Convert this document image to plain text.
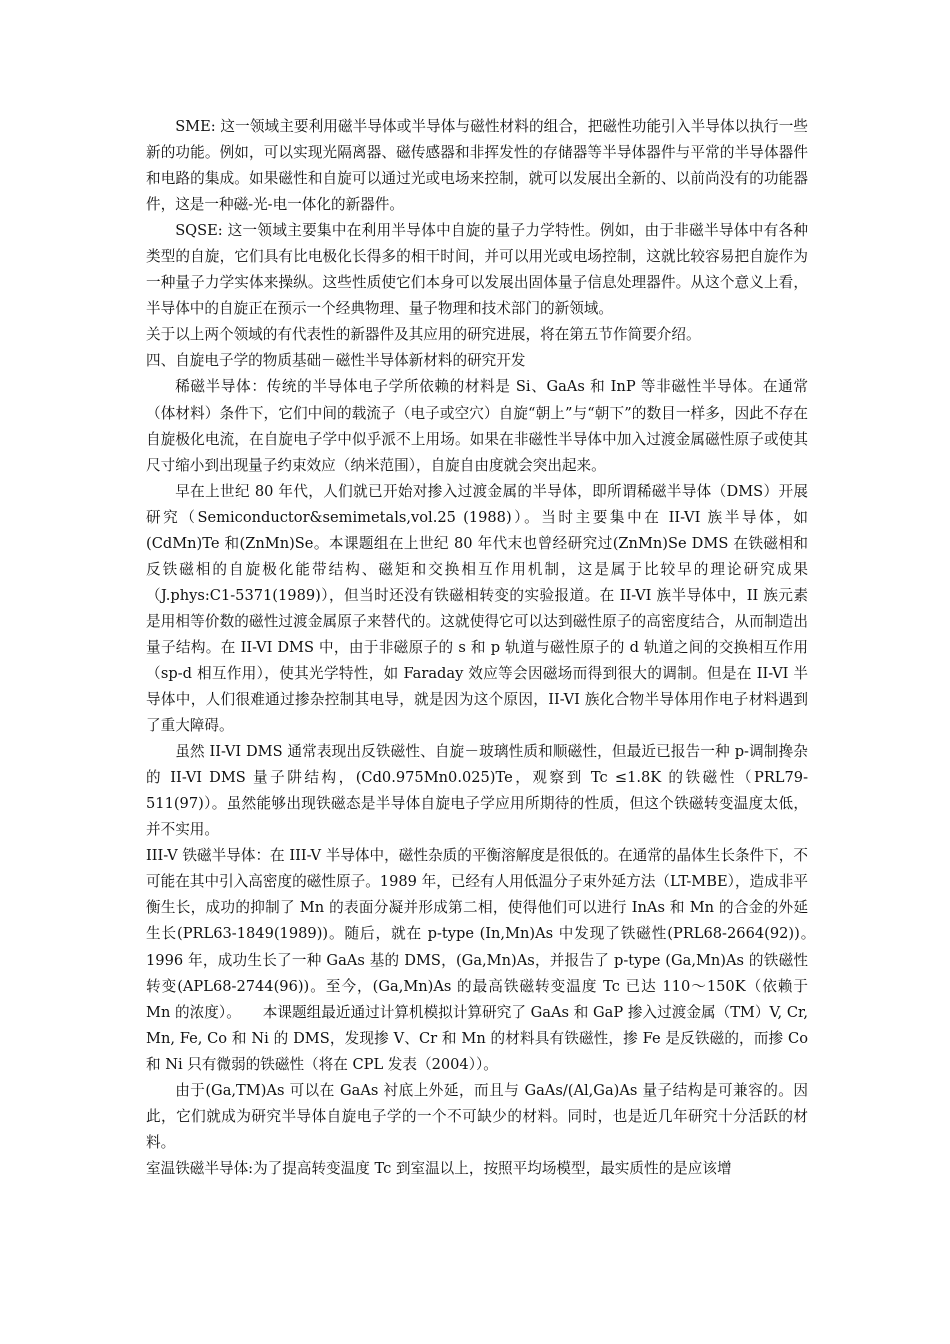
SME: 这一领域主要利用磁半导体或半导体与磁性材料的组合，把磁性功能引入半导体以执行一些新的功能。例如，可以实现光隔离器、磁传感器和非挥发性的存储器等半导体器件与平常的半导体器件和电路的集成。如果磁性和自旋可以通过光或电场来控制，就可以发展出全新的、以前尚没有的功能器件，这是一种磁-光-电一体化的新器件。

SQSE: 这一领域主要集中在利用半导体中自旋的量子力学特性。例如，由于非磁半导体中有各种类型的自旋，它们具有比电极化长得多的相干时间，并可以用光或电场控制，这就比较容易把自旋作为一种量子力学实体来操纵。这些性质使它们本身可以发展出固体量子信息处理器件。从这个意义上看，半导体中的自旋正在预示一个经典物理、量子物理和技术部门的新领域。

关于以上两个领域的有代表性的新器件及其应用的研究进展，将在第五节作简要介绍。

四、自旋电子学的物质基础－磁性半导体新材料的研究开发

稀磁半导体：传统的半导体电子学所依赖的材料是 Si、GaAs 和 InP 等非磁性半导体。在通常（体材料）条件下，它们中间的载流子（电子或空穴）自旋“朝上”与“朝下”的数目一样多，因此不存在自旋极化电流，在自旋电子学中似乎派不上用场。如果在非磁性半导体中加入过渡金属磁性原子或使其尺寸缩小到出现量子约束效应（纳米范围），自旋自由度就会突出起来。

早在上世纪 80 年代，人们就已开始对掺入过渡金属的半导体，即所谓稀磁半导体（DMS）开展研究（Semiconductor&semimetals,vol.25 (1988)）。当时主要集中在 II-VI 族半导体，如(CdMn)Te 和(ZnMn)Se。本课题组在上世纪 80 年代末也曾经研究过(ZnMn)Se DMS 在铁磁相和反铁磁相的自旋极化能带结构、磁矩和交换相互作用机制，这是属于比较早的理论研究成果（J.phys:C1-5371(1989)），但当时还没有铁磁相转变的实验报道。在 II-VI 族半导体中，II 族元素是用相等价数的磁性过渡金属原子来替代的。这就使得它可以达到磁性原子的高密度结合，从而制造出量子结构。在 II-VI DMS 中，由于非磁原子的 s 和 p 轨道与磁性原子的 d 轨道之间的交换相互作用（sp-d 相互作用），使其光学特性，如 Faraday 效应等会因磁场而得到很大的调制。但是在 II-VI 半导体中，人们很难通过掺杂控制其电导，就是因为这个原因，II-VI 族化合物半导体用作电子材料遇到了重大障碍。

虽然 II-VI DMS 通常表现出反铁磁性、自旋－玻璃性质和顺磁性，但最近已报告一种 p-调制搀杂的 II-VI DMS 量子阱结构，(Cd0.975Mn0.025)Te，观察到 Tc ≤1.8K 的铁磁性（PRL79-511(97)）。虽然能够出现铁磁态是半导体自旋电子学应用所期待的性质，但这个铁磁转变温度太低，并不实用。

III-V 铁磁半导体：在 III-V 半导体中，磁性杂质的平衡溶解度是很低的。在通常的晶体生长条件下，不可能在其中引入高密度的磁性原子。1989 年，已经有人用低温分子束外延方法（LT-MBE），造成非平衡生长，成功的抑制了 Mn 的表面分凝并形成第二相，使得他们可以进行 InAs 和 Mn 的合金的外延生长(PRL63-1849(1989))。随后，就在 p-type (In,Mn)As 中发现了铁磁性(PRL68-2664(92))。　　1996 年，成功生长了一种 GaAs 基的 DMS，(Ga,Mn)As，并报告了 p-type (Ga,Mn)As 的铁磁性转变(APL68-2744(96))。至今，(Ga,Mn)As 的最高铁磁转变温度 Tc 已达 110～150K（依赖于 Mn 的浓度）。　　本课题组最近通过计算机模拟计算研究了 GaAs 和 GaP 掺入过渡金属（TM）V, Cr, Mn, Fe, Co 和 Ni 的 DMS，发现掺 V、Cr 和 Mn 的材料具有铁磁性，掺 Fe 是反铁磁的，而掺 Co 和 Ni 只有微弱的铁磁性（将在 CPL 发表（2004））。

由于(Ga,TM)As 可以在 GaAs 衬底上外延，而且与 GaAs/(Al,Ga)As 量子结构是可兼容的。因此，它们就成为研究半导体自旋电子学的一个不可缺少的材料。同时，也是近几年研究十分活跃的材料。

室温铁磁半导体:为了提高转变温度 Tc 到室温以上，按照平均场模型，最实质性的是应该增
